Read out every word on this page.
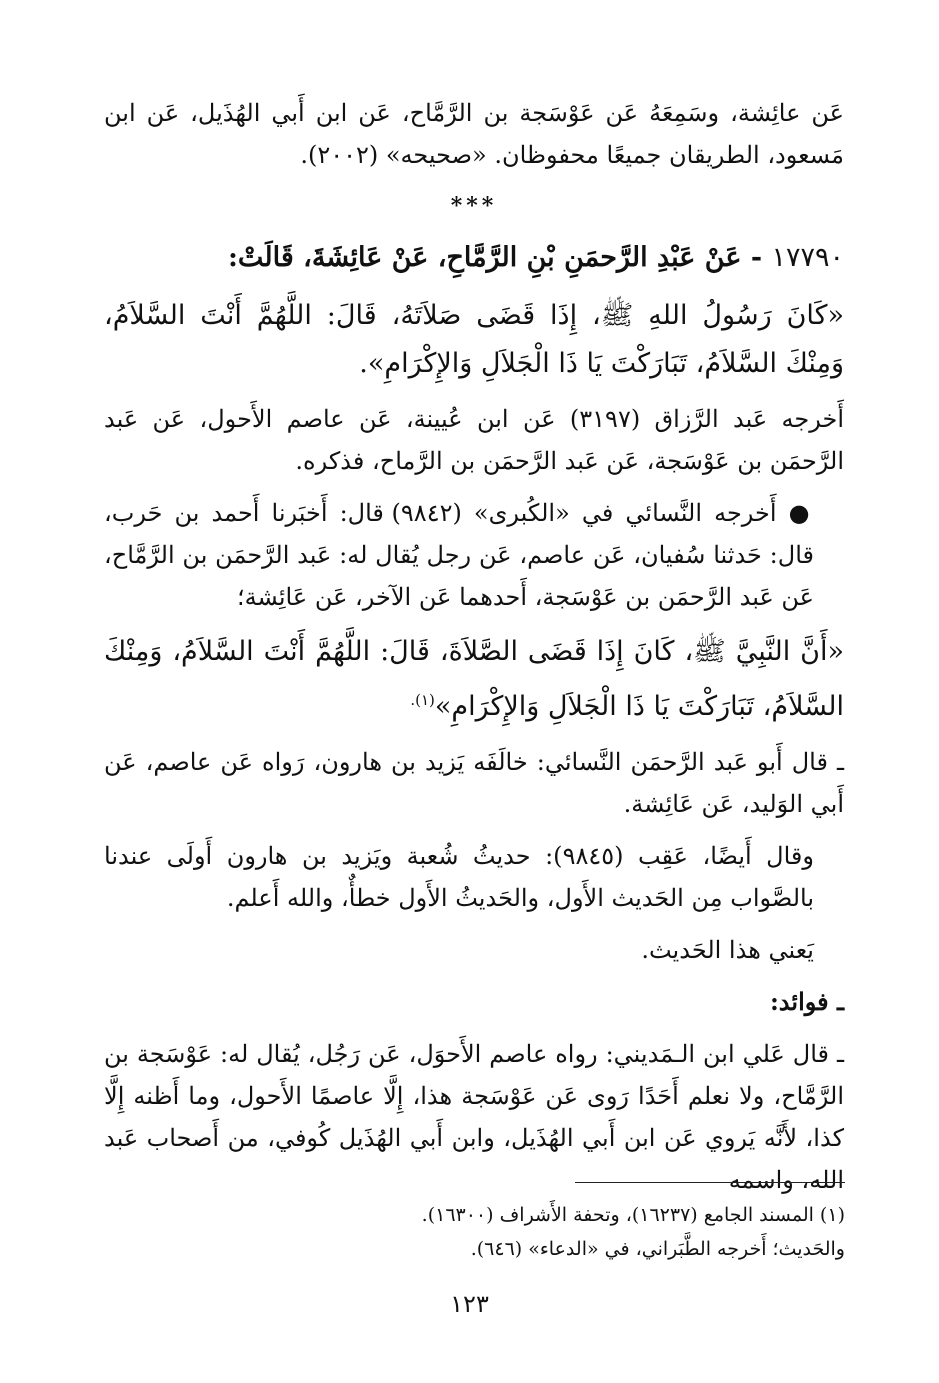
عَن عائِشة، وسَمِعَهُ عَن عَوْسَجة بن الرَّمَّاح، عَن ابن أَبي الهُذَيل، عَن ابن مَسعود، الطريقان جميعًا محفوظان. «صحيحه» (٢٠٠٢).

***

١٧٧٩٠ - عَنْ عَبْدِ الرَّحمَنِ بْنِ الرَّمَّاحِ، عَنْ عَائِشَةَ، قَالَتْ:

«كَانَ رَسُولُ اللهِ ﷺ، إِذَا قَضَى صَلاَتَهُ، قَالَ: اللَّهُمَّ أَنْتَ السَّلاَمُ، وَمِنْكَ السَّلاَمُ، تَبَارَكْتَ يَا ذَا الْجَلاَلِ وَالإِكْرَامِ».

أَخرجه عَبد الرَّزاق (٣١٩٧) عَن ابن عُيينة، عَن عاصم الأَحول، عَن عَبد الرَّحمَن بن عَوْسَجة، عَن عَبد الرَّحمَن بن الرَّماح، فذكره.

● أَخرجه النَّسائي في «الكُبرى» (٩٨٤٢) قال: أَخبَرنا أَحمد بن حَرب، قال: حَدثنا سُفيان، عَن عاصم، عَن رجل يُقال له: عَبد الرَّحمَن بن الرَّمَّاح، عَن عَبد الرَّحمَن بن عَوْسَجة، أَحدهما عَن الآخر، عَن عَائِشة؛

«أَنَّ النَّبِيَّ ﷺ، كَانَ إِذَا قَضَى الصَّلاَةَ، قَالَ: اللَّهُمَّ أَنْتَ السَّلاَمُ، وَمِنْكَ السَّلاَمُ، تَبَارَكْتَ يَا ذَا الْجَلاَلِ وَالإِكْرَامِ»$^{(١).}$

ـ قال أَبو عَبد الرَّحمَن النَّسائي: خالَفَه يَزيد بن هارون، رَواه عَن عاصم، عَن أَبي الوَليد، عَن عَائِشة.

وقال أَيضًا، عَقِب (٩٨٤٥): حديثُ شُعبة ويَزيد بن هارون أَولَى عندنا بالصَّواب مِن الحَديث الأَول، والحَديثُ الأَول خطأٌ، والله أَعلم.

يَعني هذا الحَديث.

ـ فوائد:

ـ قال عَلي ابن الـمَديني: رواه عاصم الأَحوَل، عَن رَجُل، يُقال له: عَوْسَجة بن الرَّمَّاح، ولا نعلم أَحَدًا رَوى عَن عَوْسَجة هذا، إِلَّا عاصمًا الأَحول، وما أَظنه إِلَّا كذا، لأَنَّه يَروي عَن ابن أَبي الهُذَيل، وابن أَبي الهُذَيل كُوفي، من أَصحاب عَبد الله، واسمه

(١) المسند الجامع (١٦٢٣٧)، وتحفة الأَشراف (١٦٣٠٠).

والحَديث؛ أَخرجه الطَّبَراني، في «الدعاء» (٦٤٦).

١٢٣
